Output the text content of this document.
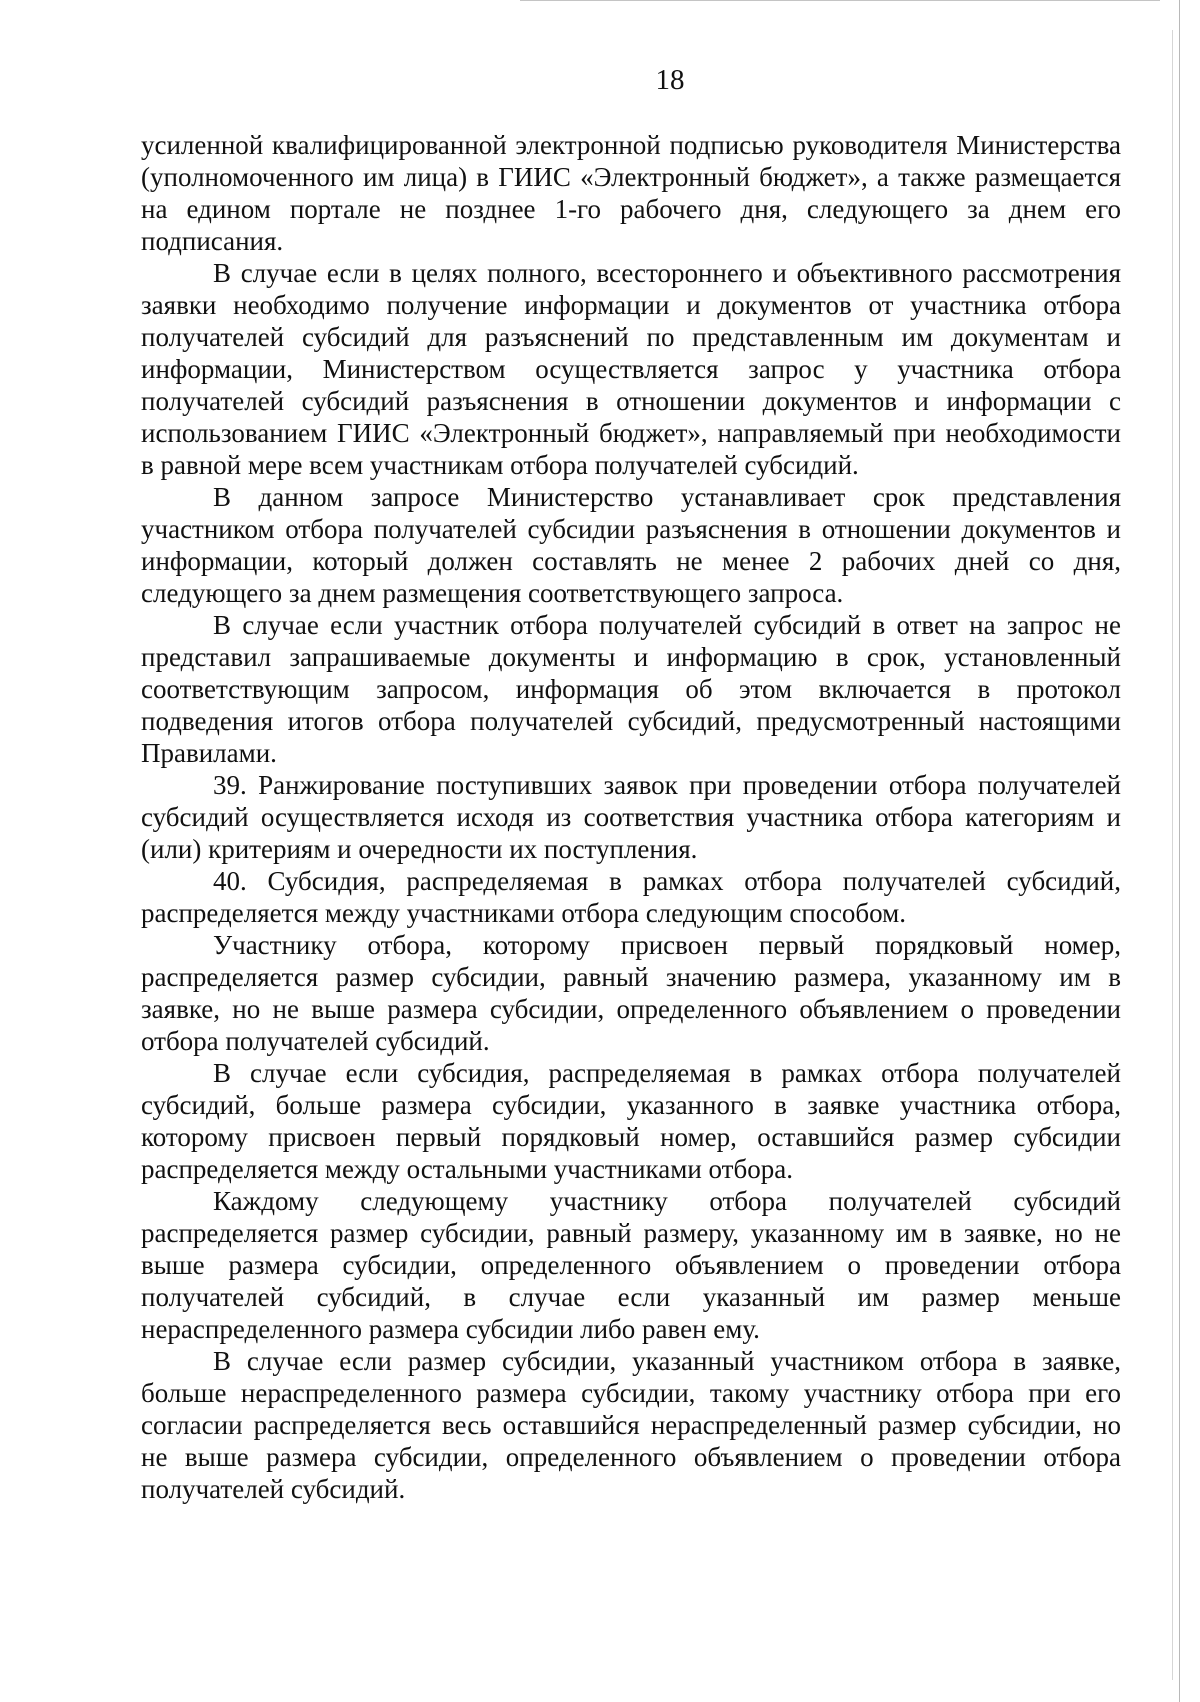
18

усиленной квалифицированной электронной подписью руководителя Министерства (уполномоченного им лица) в ГИИС «Электронный бюджет», а также размещается на едином портале не позднее 1-го рабочего дня, следующего за днем его подписания.

В случае если в целях полного, всестороннего и объективного рассмотрения заявки необходимо получение информации и документов от участника отбора получателей субсидий для разъяснений по представленным им документам и информации, Министерством осуществляется запрос у участника отбора получателей субсидий разъяснения в отношении документов и информации с использованием ГИИС «Электронный бюджет», направляемый при необходимости в равной мере всем участникам отбора получателей субсидий.

В данном запросе Министерство устанавливает срок представления участником отбора получателей субсидии разъяснения в отношении документов и информации, который должен составлять не менее 2 рабочих дней со дня, следующего за днем размещения соответствующего запроса.

В случае если участник отбора получателей субсидий в ответ на запрос не представил запрашиваемые документы и информацию в срок, установленный соответствующим запросом, информация об этом включается в протокол подведения итогов отбора получателей субсидий, предусмотренный настоящими Правилами.

39. Ранжирование поступивших заявок при проведении отбора получателей субсидий осуществляется исходя из соответствия участника отбора категориям и (или) критериям и очередности их поступления.

40. Субсидия, распределяемая в рамках отбора получателей субсидий, распределяется между участниками отбора следующим способом.

Участнику отбора, которому присвоен первый порядковый номер, распределяется размер субсидии, равный значению размера, указанному им в заявке, но не выше размера субсидии, определенного объявлением о проведении отбора получателей субсидий.

В случае если субсидия, распределяемая в рамках отбора получателей субсидий, больше размера субсидии, указанного в заявке участника отбора, которому присвоен первый порядковый номер, оставшийся размер субсидии распределяется между остальными участниками отбора.

Каждому следующему участнику отбора получателей субсидий распределяется размер субсидии, равный размеру, указанному им в заявке, но не выше размера субсидии, определенного объявлением о проведении отбора получателей субсидий, в случае если указанный им размер меньше нераспределенного размера субсидии либо равен ему.

В случае если размер субсидии, указанный участником отбора в заявке, больше нераспределенного размера субсидии, такому участнику отбора при его согласии распределяется весь оставшийся нераспределенный размер субсидии, но не выше размера субсидии, определенного объявлением о проведении отбора получателей субсидий.
